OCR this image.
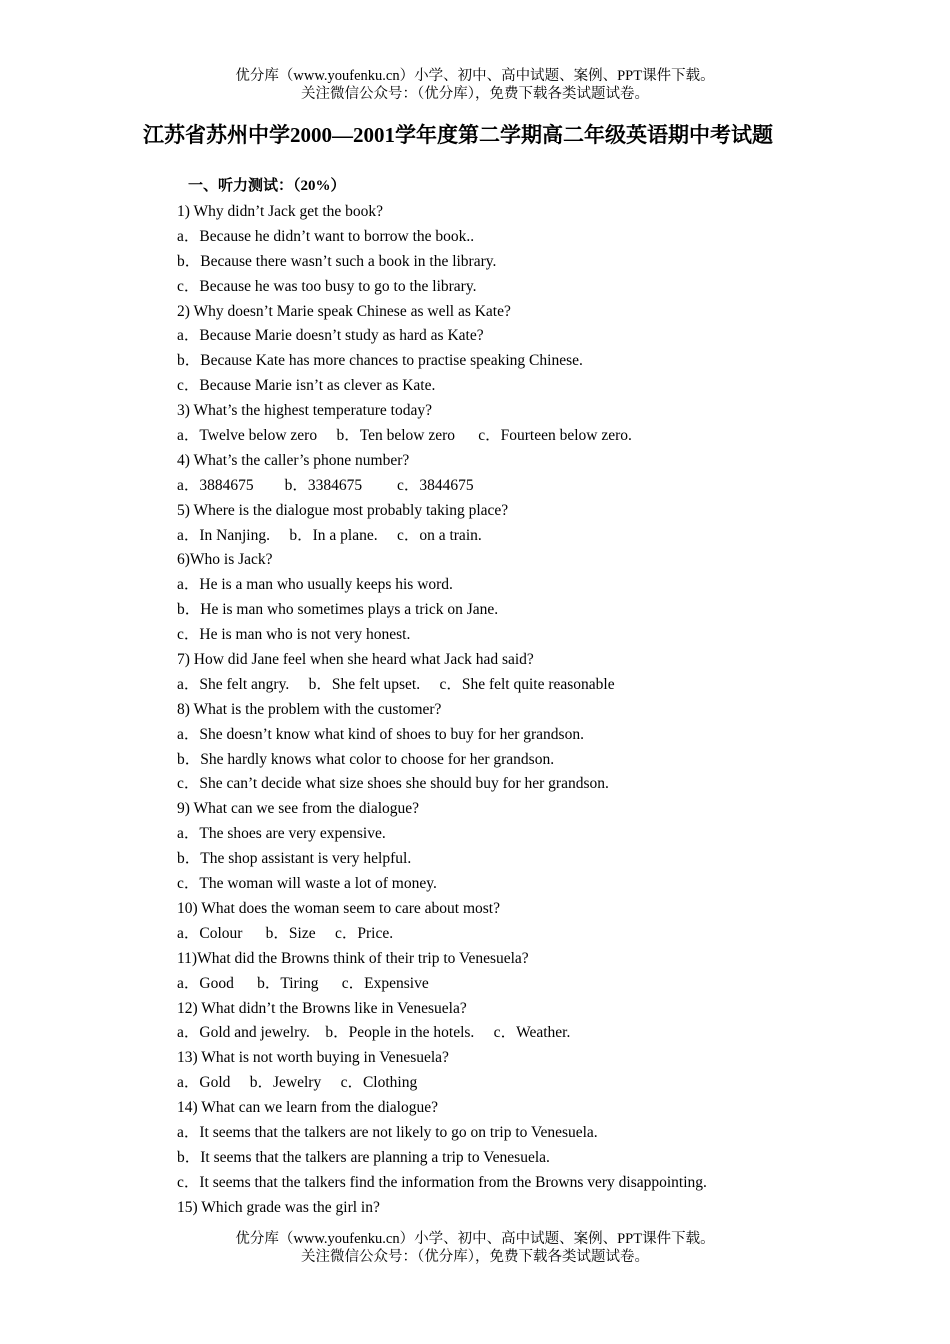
优分库（www.youfenku.cn）小学、初中、高中试题、案例、PPT课件下载。
关注微信公众号：（优分库），免费下载各类试题试卷。
江苏省苏州中学2000—2001学年度第二学期高二年级英语期中考试题
一、听力测试：（20%）
1) Why didn’t Jack get the book?
a．Because he didn’t want to borrow the book..
b．Because there wasn’t such a book in the library.
c．Because he was too busy to go to the library.
2) Why doesn’t Marie speak Chinese as well as Kate?
a．Because Marie doesn’t study as hard as Kate?
b．Because Kate has more chances to practise speaking Chinese.
c．Because Marie isn’t as clever as Kate.
3) What’s the highest temperature today?
a．Twelve below zero     b．Ten below zero      c．Fourteen below zero.
4) What’s the caller’s phone number?
a．3884675        b．3384675         c．3844675
5) Where is the dialogue most probably taking place?
a．In Nanjing.     b．In a plane.     c．on a train.
6)Who is Jack?
a．He is a man who usually keeps his word.
b．He is man who sometimes plays a trick on Jane.
c．He is man who is not very honest.
7) How did Jane feel when she heard what Jack had said?
a．She felt angry.     b．She felt upset.     c．She felt quite reasonable
8) What is the problem with the customer?
a．She doesn’t know what kind of shoes to buy for her grandson.
b．She hardly knows what color to choose for her grandson.
c．She can’t decide what size shoes she should buy for her grandson.
9) What can we see from the dialogue?
a．The shoes are very expensive.
b．The shop assistant is very helpful.
c．The woman will waste a lot of money.
10) What does the woman seem to care about most?
a．Colour      b．Size     c．Price.
11)What did the Browns think of their trip to Venesuela?
a．Good      b．Tiring      c．Expensive
12) What didn’t the Browns like in Venesuela?
a．Gold and jewelry.    b．People in the hotels.     c．Weather.
13) What is not worth buying in Venesuela?
a．Gold     b．Jewelry     c．Clothing
14) What can we learn from the dialogue?
a．It seems that the talkers are not likely to go on trip to Venesuela.
b．It seems that the talkers are planning a trip to Venesuela.
c．It seems that the talkers find the information from the Browns very disappointing.
15) Which grade was the girl in?
优分库（www.youfenku.cn）小学、初中、高中试题、案例、PPT课件下载。
关注微信公众号：（优分库），免费下载各类试题试卷。
